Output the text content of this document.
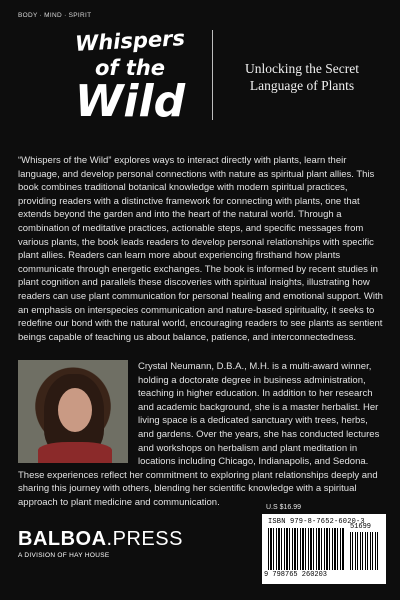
BODY · MIND · SPIRIT
Whispers
of the
Wild
Unlocking the Secret Language of Plants
“Whispers of the Wild” explores ways to interact directly with plants, learn their language, and develop personal connections with nature as spiritual plant allies. This book combines traditional botanical knowledge with modern spiritual practices, providing readers with a distinctive framework for connecting with plants, one that extends beyond the garden and into the heart of the natural world. Through a combination of meditative practices, actionable steps, and specific messages from various plants, the book leads readers to develop personal relationships with specific plant allies. Readers can learn more about experiencing firsthand how plants communicate through energetic exchanges. The book is informed by recent studies in plant cognition and parallels these discoveries with spiritual insights, illustrating how readers can use plant communication for personal healing and emotional support. With an emphasis on interspecies communication and nature-based spirituality, it seeks to redefine our bond with the natural world, encouraging readers to see plants as sentient beings capable of teaching us about balance, patience, and interconnectedness.
Crystal Neumann, D.B.A., M.H. is a multi-award winner, holding a doctorate degree in business administration, teaching in higher education. In addition to her research and academic background, she is a master herbalist. Her living space is a dedicated sanctuary with trees, herbs, and gardens. Over the years, she has conducted lectures and workshops on herbalism and plant meditation in locations including Chicago, Indianapolis, and Sedona. These experiences reflect her commitment to exploring plant relationships deeply and sharing this journey with others, blending her scientific knowledge with a spiritual approach to plant medicine and communication.
BALBOA.PRESS
A DIVISION OF HAY HOUSE
U.S $16.99
ISBN 979-8-7652-6020-3
9 798765 260203
51699
